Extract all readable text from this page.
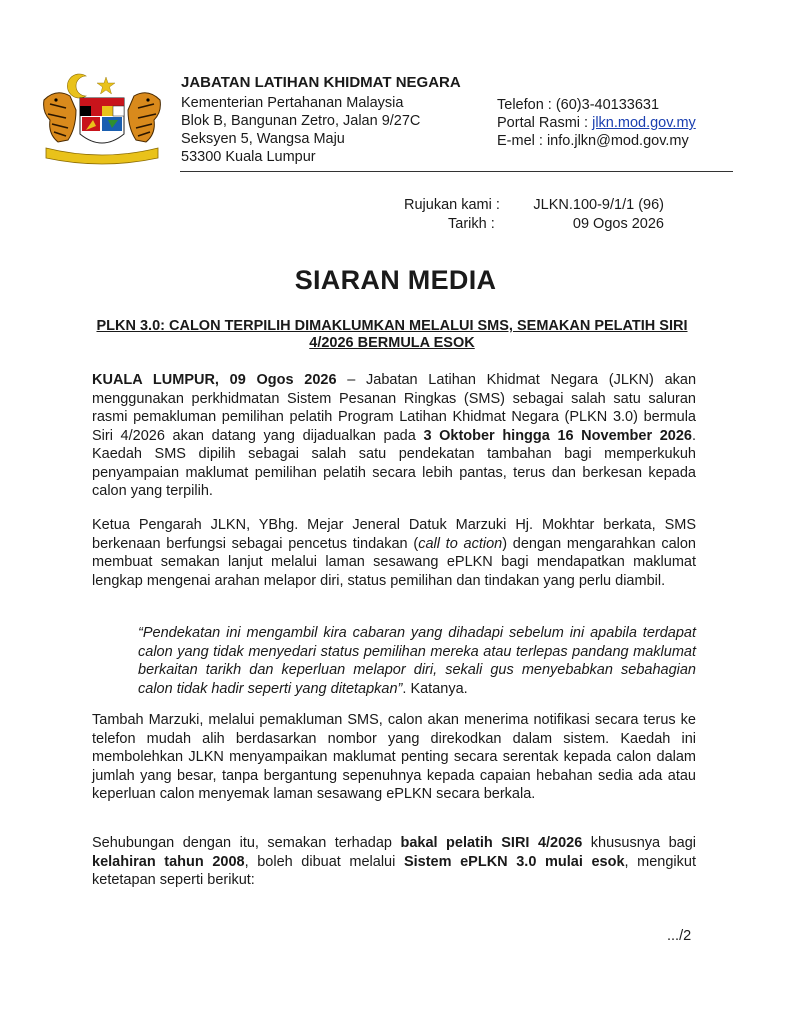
JABATAN LATIHAN KHIDMAT NEGARA
Kementerian Pertahanan Malaysia
Blok B, Bangunan Zetro, Jalan 9/27C
Seksyen 5, Wangsa Maju
53300 Kuala Lumpur
Telefon : (60)3-40133631
Portal Rasmi : jlkn.mod.gov.my
E-mel : info.jlkn@mod.gov.my
Rujukan kami :
Tarikh :
JLKN.100-9/1/1 (96)
09 Ogos 2026
SIARAN MEDIA
PLKN 3.0: CALON TERPILIH DIMAKLUMKAN MELALUI SMS, SEMAKAN PELATIH SIRI 4/2026 BERMULA ESOK
KUALA LUMPUR, 09 Ogos 2026 – Jabatan Latihan Khidmat Negara (JLKN) akan menggunakan perkhidmatan Sistem Pesanan Ringkas (SMS) sebagai salah satu saluran rasmi pemakluman pemilihan pelatih Program Latihan Khidmat Negara (PLKN 3.0) bermula Siri 4/2026 akan datang yang dijadualkan pada 3 Oktober hingga 16 November 2026. Kaedah SMS dipilih sebagai salah satu pendekatan tambahan bagi memperkukuh penyampaian maklumat pemilihan pelatih secara lebih pantas, terus dan berkesan kepada calon yang terpilih.
Ketua Pengarah JLKN, YBhg. Mejar Jeneral Datuk Marzuki Hj. Mokhtar berkata, SMS berkenaan berfungsi sebagai pencetus tindakan (call to action) dengan mengarahkan calon membuat semakan lanjut melalui laman sesawang ePLKN bagi mendapatkan maklumat lengkap mengenai arahan melapor diri, status pemilihan dan tindakan yang perlu diambil.
“Pendekatan ini mengambil kira cabaran yang dihadapi sebelum ini apabila terdapat calon yang tidak menyedari status pemilihan mereka atau terlepas pandang maklumat berkaitan tarikh dan keperluan melapor diri, sekali gus menyebabkan sebahagian calon tidak hadir seperti yang ditetapkan”. Katanya.
Tambah Marzuki, melalui pemakluman SMS, calon akan menerima notifikasi secara terus ke telefon mudah alih berdasarkan nombor yang direkodkan dalam sistem. Kaedah ini membolehkan JLKN menyampaikan maklumat penting secara serentak kepada calon dalam jumlah yang besar, tanpa bergantung sepenuhnya kepada capaian hebahan sedia ada atau keperluan calon menyemak laman sesawang ePLKN secara berkala.
Sehubungan dengan itu, semakan terhadap bakal pelatih SIRI 4/2026 khususnya bagi kelahiran tahun 2008, boleh dibuat melalui Sistem ePLKN 3.0 mulai esok, mengikut ketetapan seperti berikut:
.../2
